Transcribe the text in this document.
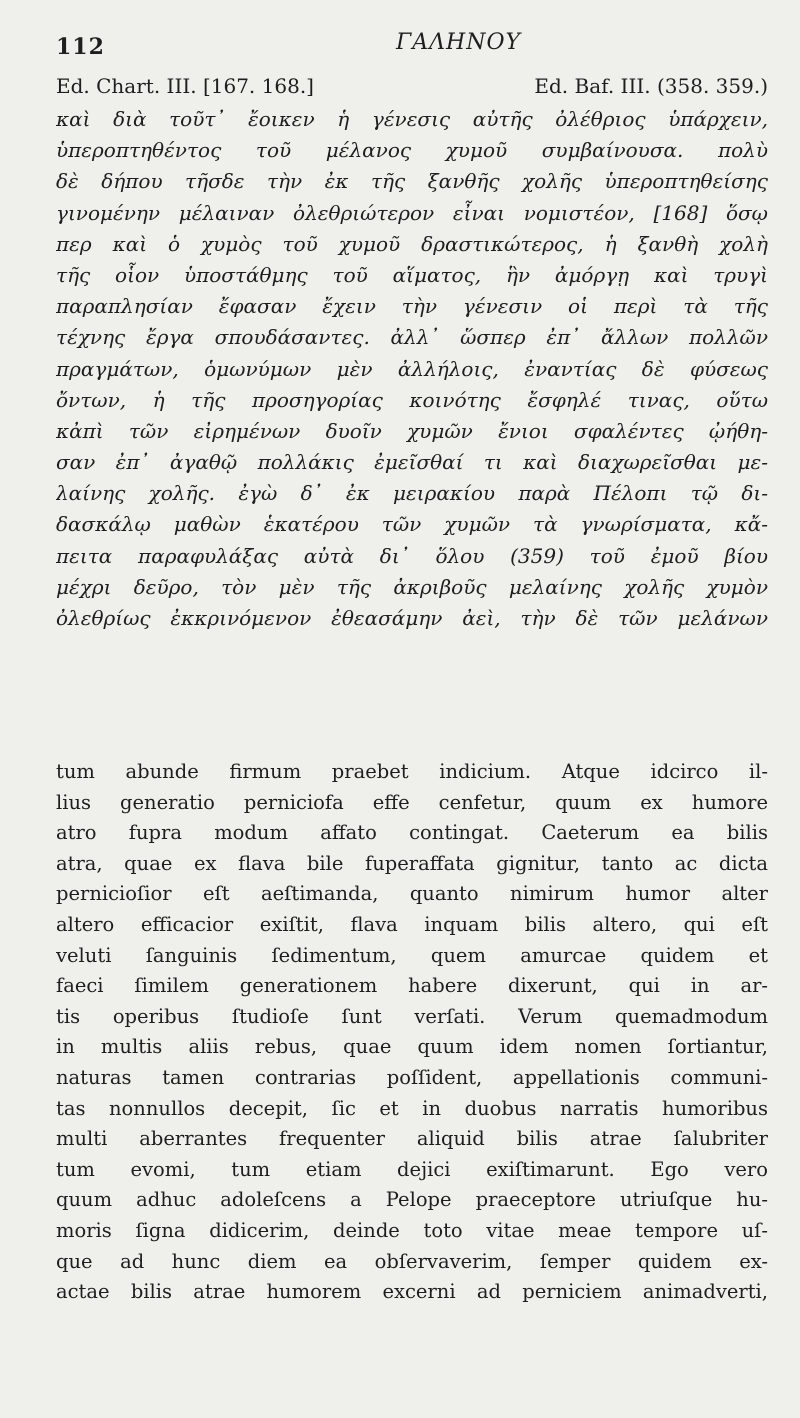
112	ΓΑΛΗΝΟΥ
Ed. Chart. III. [167. 168.]	Ed. Baf. III. (358. 359.)
καὶ διὰ τοῦτ᾽ ἔοικεν ἡ γένεσις αὐτῆς ὀλέθριος ὑπάρχειν,
ὑπεροπτηθέντος τοῦ μέλανος χυμοῦ συμβαίνουσα. πολὺ
δὲ δήπου τῆσδε τὴν ἐκ τῆς ξανθῆς χολῆς ὑπεροπτηθείσης
γινομένην μέλαιναν ὀλεθριώτερον εἶναι νομιστέον, [168] ὅσῳ
περ καὶ ὁ χυμὸς τοῦ χυμοῦ δραστικώτερος, ἡ ξανθὴ χολὴ
τῆς οἷον ὑποστάθμης τοῦ αἵματος, ἣν ἀμόργῃ καὶ τρυγὶ
παραπλησίαν ἔφασαν ἔχειν τὴν γένεσιν οἱ περὶ τὰ τῆς
τέχνης ἔργα σπουδάσαντες. ἀλλ᾽ ὥσπερ ἐπ᾽ ἄλλων πολλῶν
πραγμάτων, ὁμωνύμων μὲν ἀλλήλοις, ἐναντίας δὲ φύσεως
ὄντων, ἡ τῆς προσηγορίας κοινότης ἔσφηλέ τινας, οὕτω
κἀπὶ τῶν εἰρημένων δυοῖν χυμῶν ἔνιοι σφαλέντες ᾠήθη-
σαν ἐπ᾽ ἀγαθῷ πολλάκις ἐμεῖσθαί τι καὶ διαχωρεῖσθαι με-
λαίνης χολῆς. ἐγὼ δ᾽ ἐκ μειρακίου παρὰ Πέλοπι τῷ δι-
δασκάλῳ μαθὼν ἑκατέρου τῶν χυμῶν τὰ γνωρίσματα, κἄ-
πειτα παραφυλάξας αὐτὰ δι᾽ ὅλου (359) τοῦ ἐμοῦ βίου
μέχρι δεῦρο, τὸν μὲν τῆς ἀκριβοῦς μελαίνης χολῆς χυμὸν
ὀλεθρίως ἐκκρινόμενον ἐθεασάμην ἀεὶ, τὴν δὲ τῶν μελάνων
tum abunde firmum praebet indicium. Atque idcirco il-
lius generatio perniciofa effe cenfetur, quum ex humore
atro fupra modum affato contingat. Caeterum ea bilis
atra, quae ex flava bile fuperaffata gignitur, tanto ac dicta
pernicioſior eſt aeſtimanda, quanto nimirum humor alter
altero efficacior exiſtit, flava inquam bilis altero, qui eſt
veluti ſanguinis ſedimentum, quem amurcae quidem et
faeci ſimilem generationem habere dixerunt, qui in ar-
tis operibus ſtudioſe ſunt verſati. Verum quemadmodum
in multis aliis rebus, quae quum idem nomen ſortiantur,
naturas tamen contrarias poſſident, appellationis communi-
tas nonnullos decepit, ſic et in duobus narratis humoribus
multi aberrantes frequenter aliquid bilis atrae ſalubriter
tum evomi, tum etiam dejici exiſtimarunt. Ego vero
quum adhuc adoleſcens a Pelope praeceptore utriuſque hu-
moris ſigna didicerim, deinde toto vitae meae tempore uſ-
que ad hunc diem ea obſervaverim, ſemper quidem ex-
actae bilis atrae humorem excerni ad perniciem animadverti,
